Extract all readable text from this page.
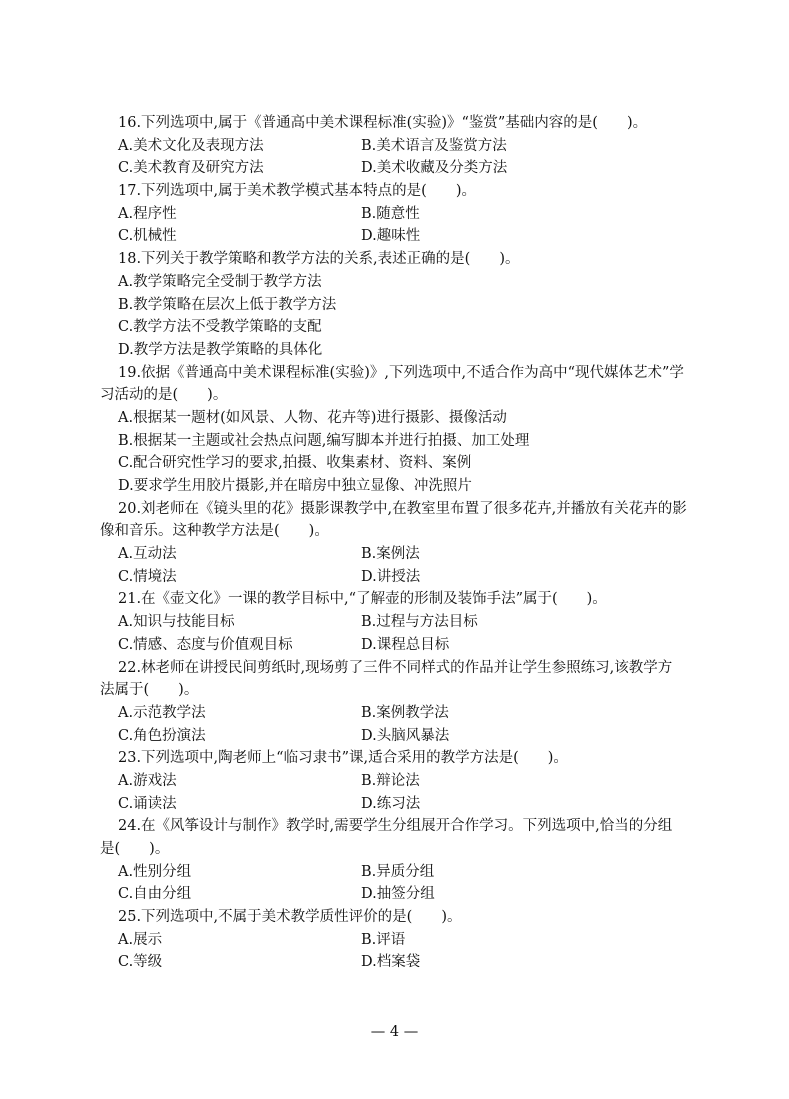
16.下列选项中,属于《普通高中美术课程标准(实验)》“鉴赏”基础内容的是(　　)。
A.美术文化及表现方法	B.美术语言及鉴赏方法
C.美术教育及研究方法	D.美术收藏及分类方法
17.下列选项中,属于美术教学模式基本特点的是(　　)。
A.程序性	B.随意性
C.机械性	D.趣味性
18.下列关于教学策略和教学方法的关系,表述正确的是(　　)。
A.教学策略完全受制于教学方法
B.教学策略在层次上低于教学方法
C.教学方法不受教学策略的支配
D.教学方法是教学策略的具体化
19.依据《普通高中美术课程标准(实验)》,下列选项中,不适合作为高中“现代媒体艺术”学
习活动的是(　　)。
A.根据某一题材(如风景、人物、花卉等)进行摄影、摄像活动
B.根据某一主题或社会热点问题,编写脚本并进行拍摄、加工处理
C.配合研究性学习的要求,拍摄、收集素材、资料、案例
D.要求学生用胶片摄影,并在暗房中独立显像、冲洗照片
20.刘老师在《镜头里的花》摄影课教学中,在教室里布置了很多花卉,并播放有关花卉的影
像和音乐。这种教学方法是(　　)。
A.互动法	B.案例法
C.情境法	D.讲授法
21.在《壶文化》一课的教学目标中,“了解壶的形制及装饰手法”属于(　　)。
A.知识与技能目标	B.过程与方法目标
C.情感、态度与价值观目标	D.课程总目标
22.林老师在讲授民间剪纸时,现场剪了三件不同样式的作品并让学生参照练习,该教学方
法属于(　　)。
A.示范教学法	B.案例教学法
C.角色扮演法	D.头脑风暴法
23.下列选项中,陶老师上“临习隶书”课,适合采用的教学方法是(　　)。
A.游戏法	B.辩论法
C.诵读法	D.练习法
24.在《风筝设计与制作》教学时,需要学生分组展开合作学习。下列选项中,恰当的分组
是(　　)。
A.性别分组	B.异质分组
C.自由分组	D.抽签分组
25.下列选项中,不属于美术教学质性评价的是(　　)。
A.展示	B.评语
C.等级	D.档案袋
— 4 —
